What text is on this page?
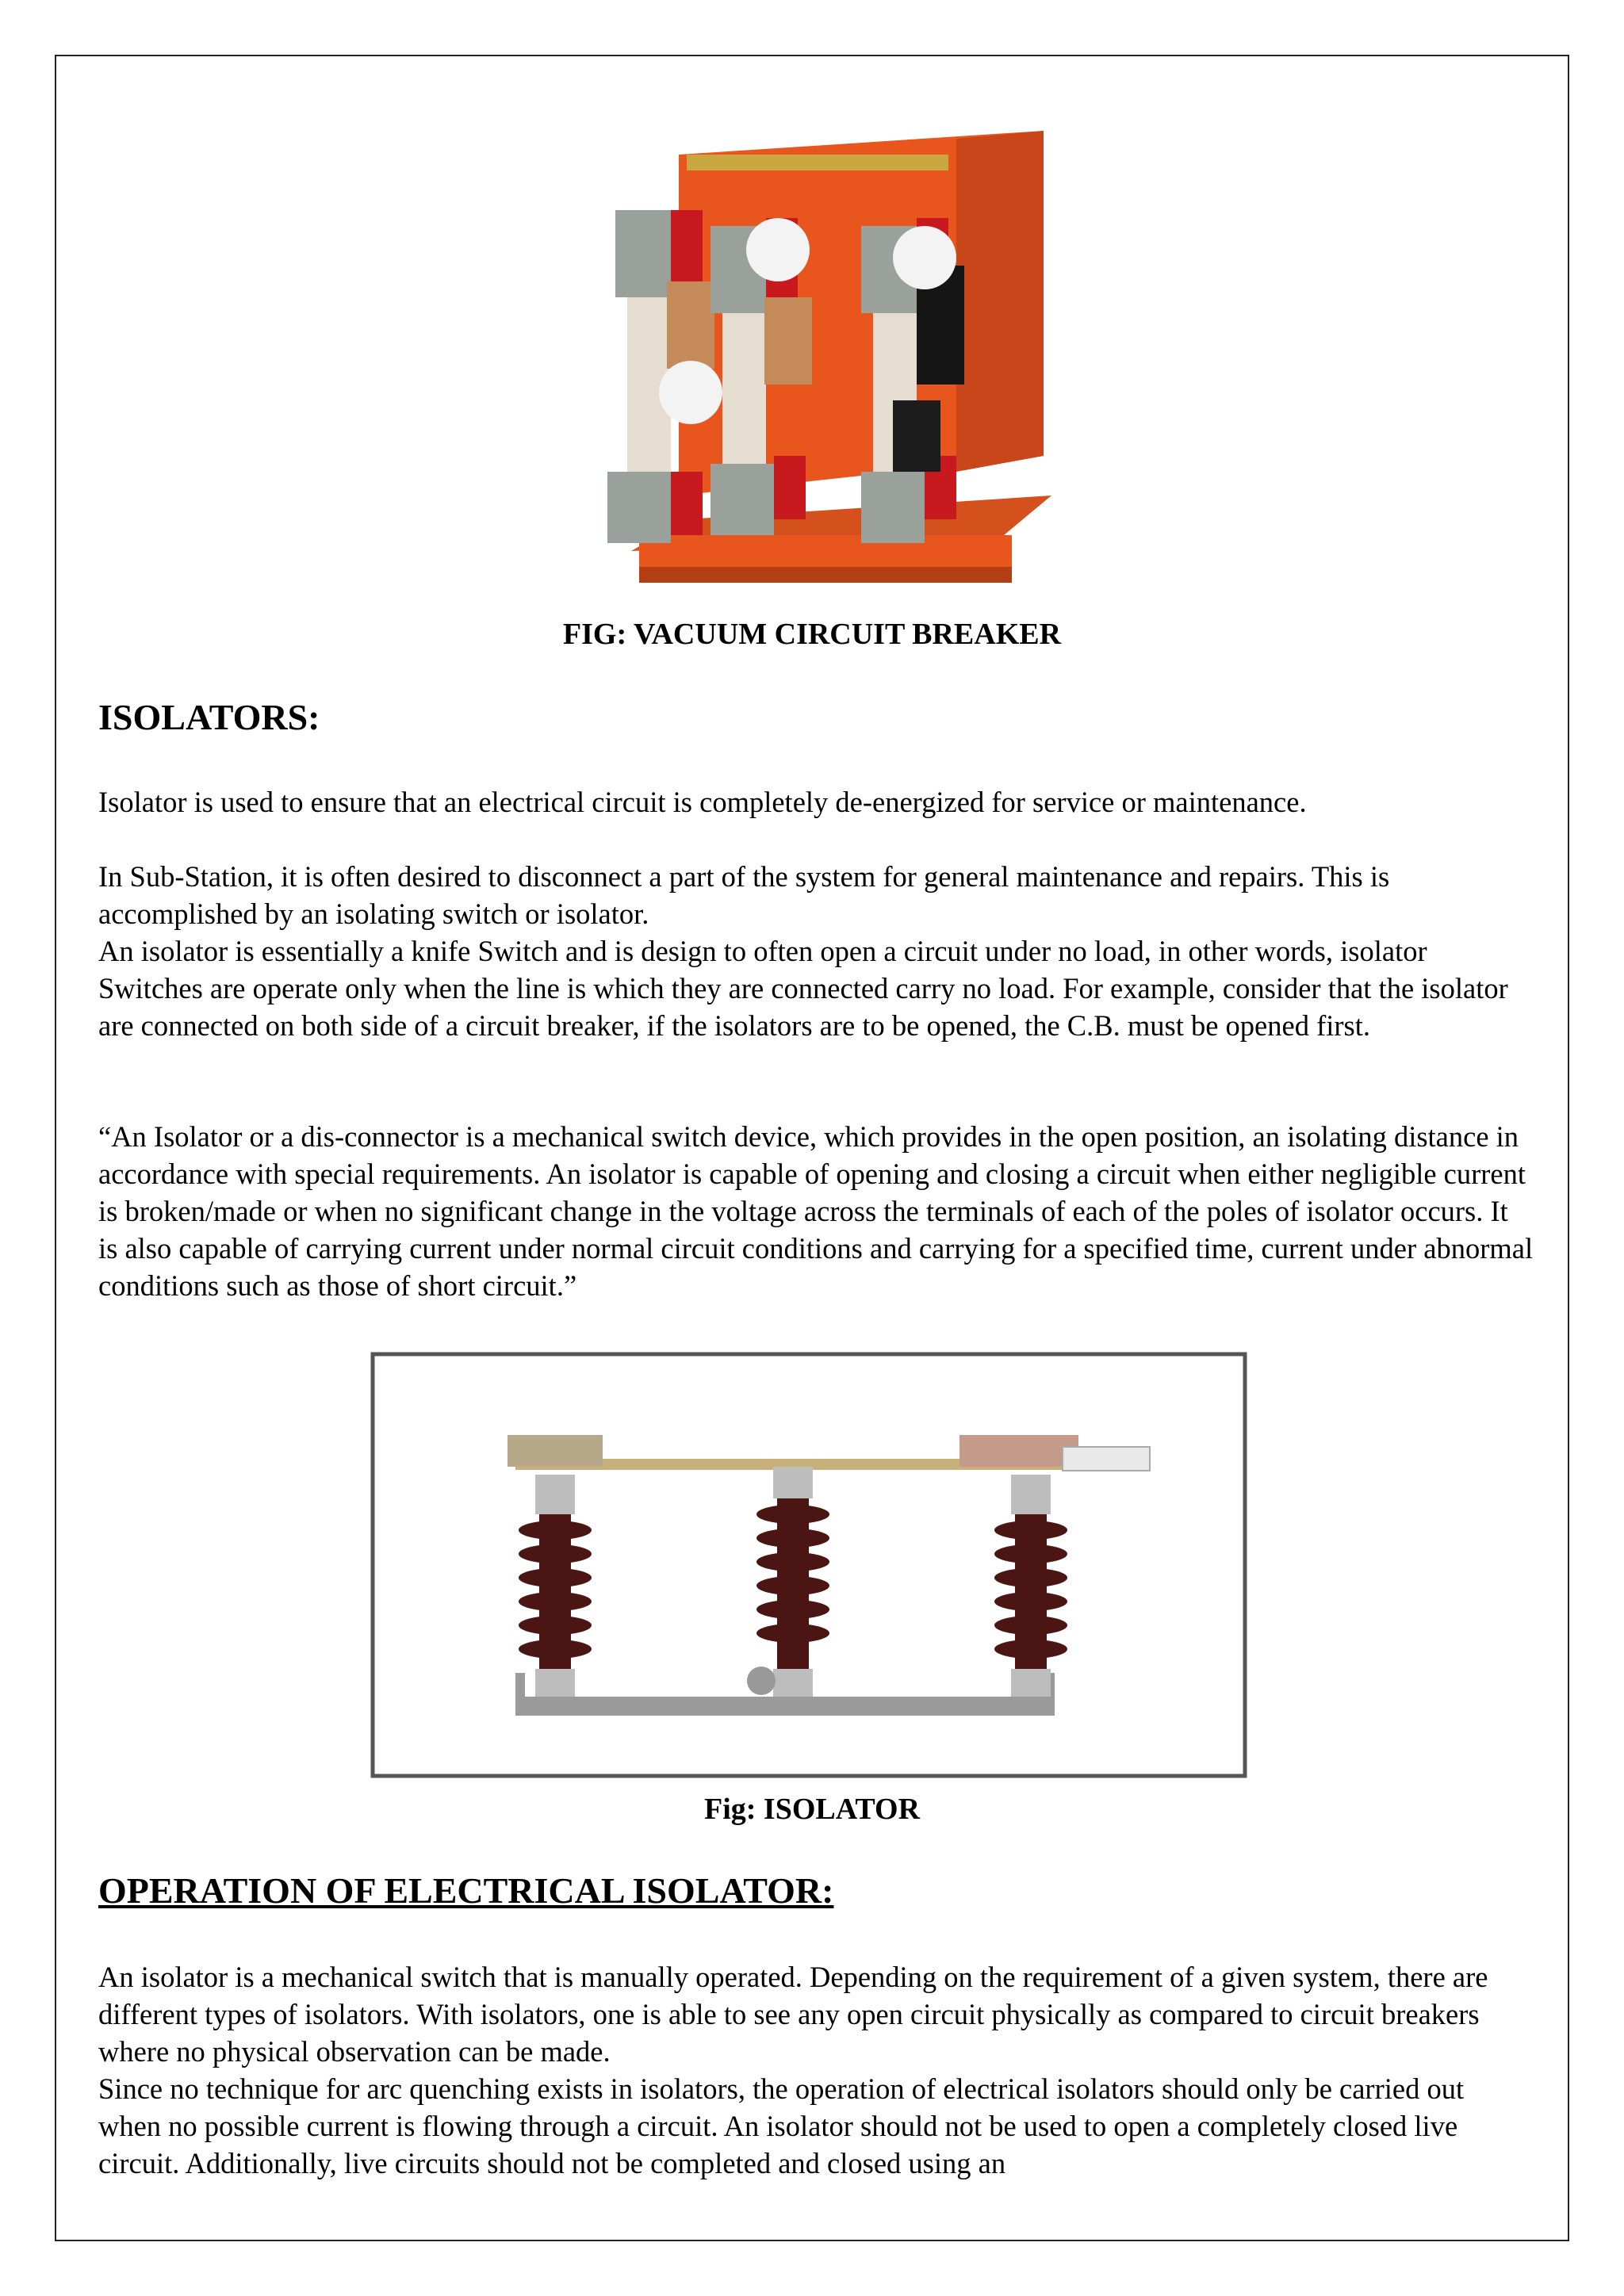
FIG: VACUUM CIRCUIT BREAKER
ISOLATORS:

Isolator is used to ensure that an electrical circuit is completely de-energized for service or maintenance.

In Sub-Station, it is often desired to disconnect a part of the system for general maintenance and repairs. This is accomplished by an isolating switch or isolator.

An isolator is essentially a knife Switch and is design to often open a circuit under no load, in other words, isolator Switches are operate only when the line is which they are connected carry no load. For example, consider that the isolator are connected on both side of a circuit breaker, if the isolators are to be opened, the C.B. must be opened first.

“An Isolator or a dis-connector is a mechanical switch device, which provides in the open position, an isolating distance in accordance with special requirements. An isolator is capable of opening and closing a circuit when either negligible current is broken/made or when no significant change in the voltage across the terminals of each of the poles of isolator occurs. It is also capable of carrying current under normal circuit conditions and carrying for a specified time, current under abnormal conditions such as those of short circuit.”

Fig: ISOLATOR
OPERATION OF ELECTRICAL ISOLATOR:

An isolator is a mechanical switch that is manually operated. Depending on the requirement of a given system, there are different types of isolators. With isolators, one is able to see any open circuit physically as compared to circuit breakers where no physical observation can be made.

Since no technique for arc quenching exists in isolators, the operation of electrical isolators should only be carried out when no possible current is flowing through a circuit. An isolator should not be used to open a completely closed live circuit. Additionally, live circuits should not be completed and closed using an
